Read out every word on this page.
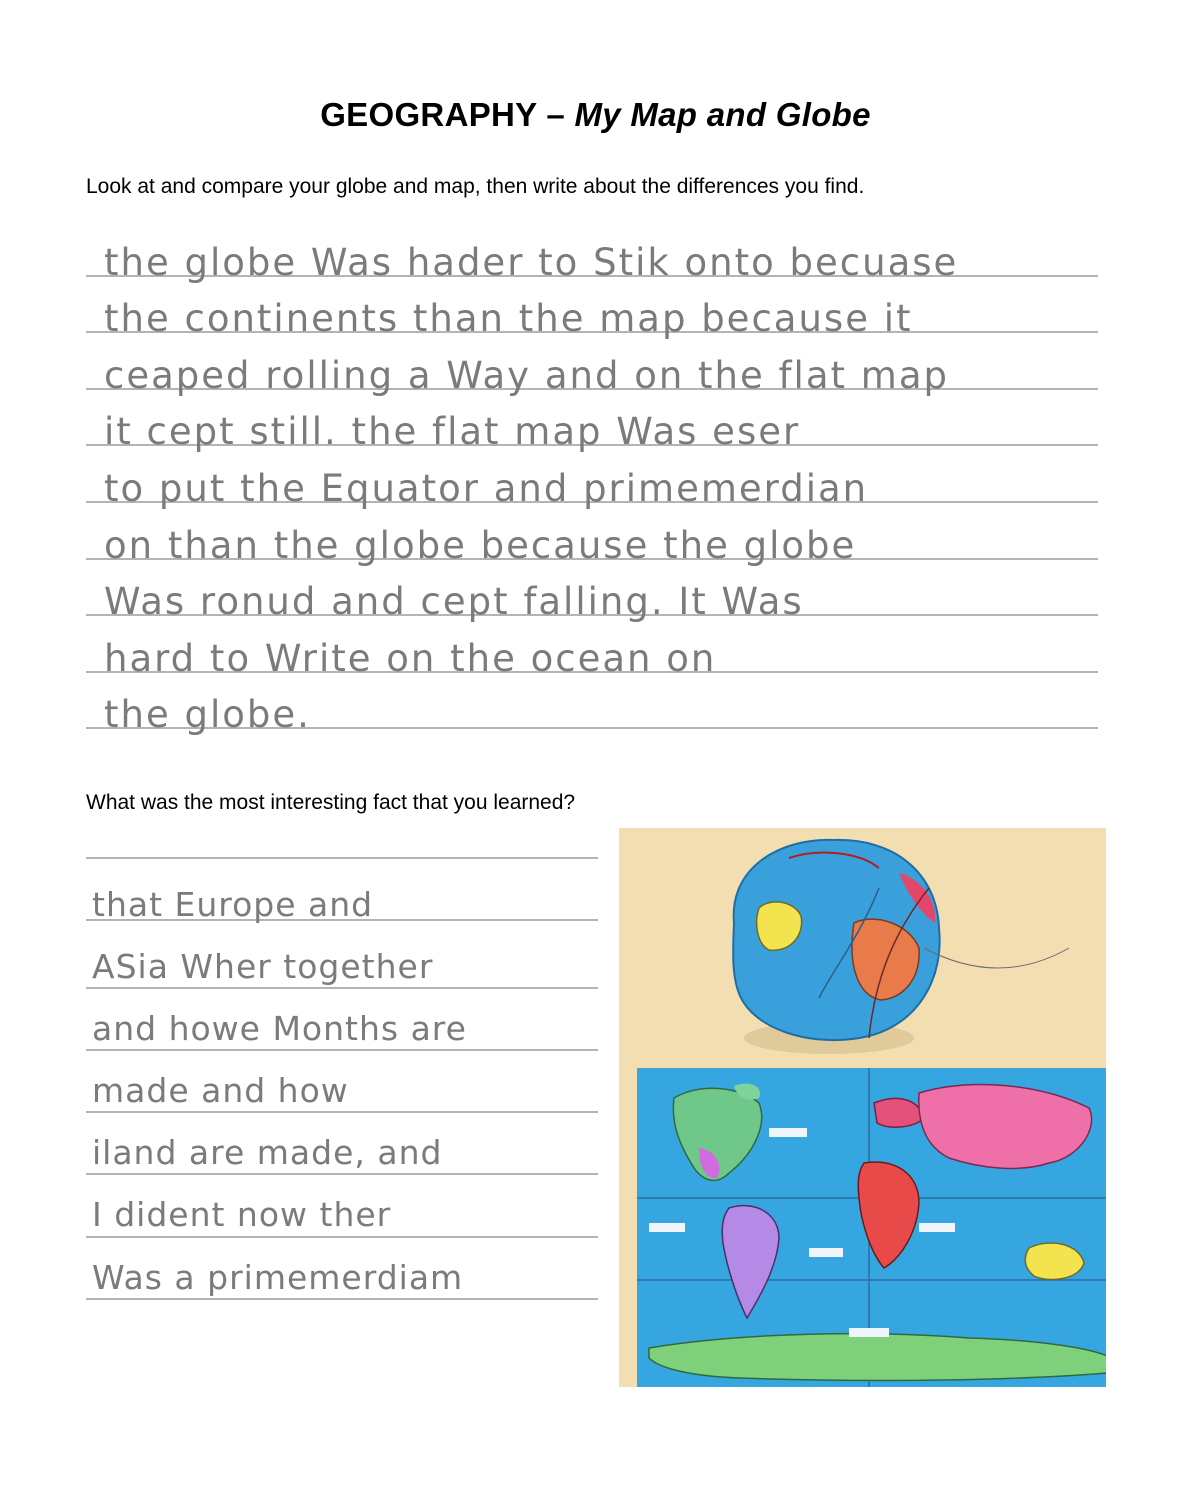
GEOGRAPHY – My Map and Globe
Look at and compare your globe and map, then write about the differences you find.
the globe Was hader to Stik onto becuase
the continents than the map because it
ceaped rolling a Way and on the flat map
it cept still. the flat map Was eser
to put the Equator and primemerdian
on than the globe because the globe
Was ronud and cept falling. It Was
hard to Write on the ocean on
the globe.
What was the most interesting fact that you learned?
that Europe and
ASia Wher together
and howe Months are
made and how
iland are made, and
I dident now ther
Was a primemerdiam
